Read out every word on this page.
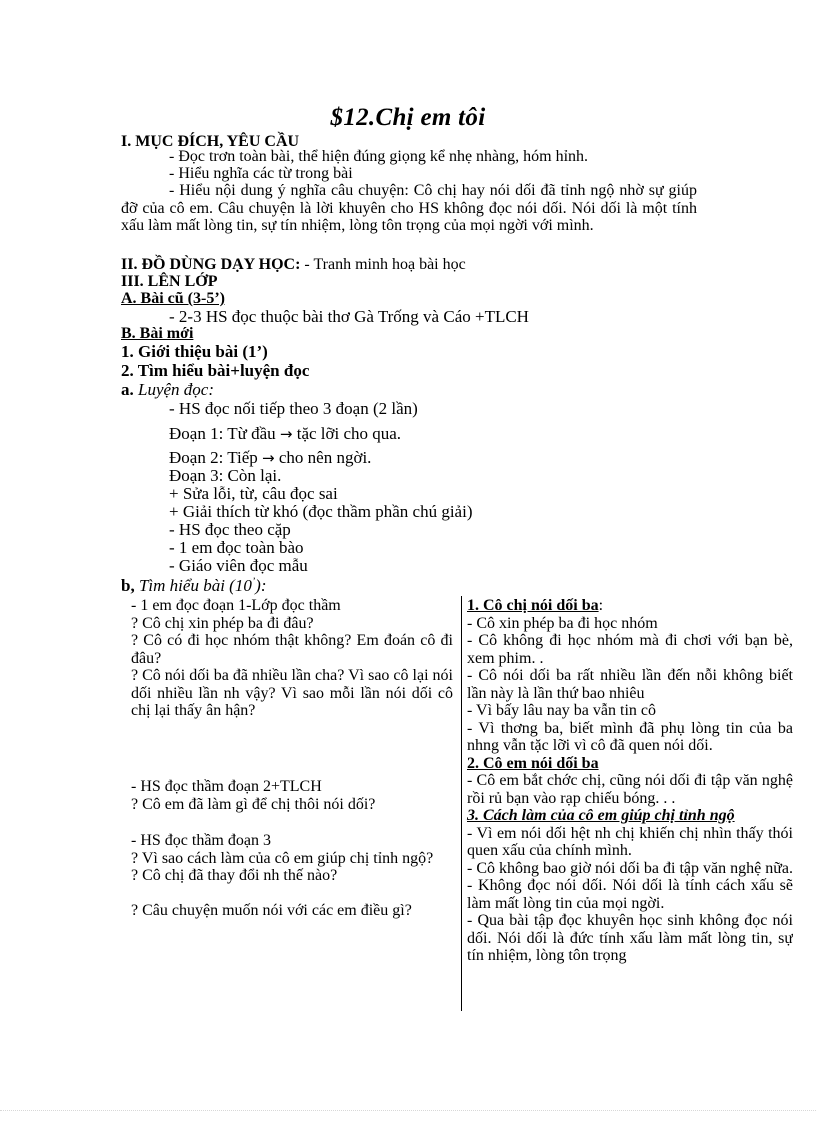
$12.Chị em tôi
I. MỤC ĐÍCH, YÊU CẦU
- Đọc trơn toàn bài, thể hiện đúng giọng kể nhẹ nhàng, hóm hỉnh.
- Hiểu nghĩa các từ trong bài
- Hiểu nội dung ý nghĩa câu chuyện: Cô chị hay nói dối đã tỉnh ngộ nhờ sự giúp đỡ của cô em. Câu chuyện là lời khuyên cho HS không đọc nói dối. Nói dối là một tính xấu làm mất lòng tin, sự tín nhiệm, lòng tôn trọng của mọi ngời với mình.
II. ĐỒ DÙNG DẠY HỌC: - Tranh minh hoạ bài học
III. LÊN LỚP
A. Bài cũ (3-5’)
- 2-3 HS đọc thuộc bài thơ Gà Trống và Cáo +TLCH
B. Bài mới
1. Giới thiệu bài (1’)
2. Tìm hiểu bài+luyện đọc
a. Luyện đọc:
- HS đọc nối tiếp theo 3 đoạn (2 lần)
Đoạn 1: Từ đầu → tặc lỡi cho qua.
Đoạn 2: Tiếp → cho nên ngời.
Đoạn 3: Còn lại.
+ Sửa lỗi, từ, câu đọc sai
+ Giải thích từ khó (đọc thầm phần chú giải)
- HS đọc theo cặp
- 1 em đọc toàn bào
- Giáo viên đọc mẫu
b, Tìm hiểu bài (10’):
- 1 em đọc đoạn 1-Lớp đọc thầm
? Cô chị xin phép ba đi đâu?
? Cô có đi học nhóm thật không? Em đoán cô đi đâu?
? Cô nói dối ba đã nhiều lần cha? Vì sao cô lại nói dối nhiều lần nh vậy? Vì sao mỗi lần nói dối cô chị lại thấy ân hận?
- HS đọc thầm đoạn 2+TLCH
? Cô em đã làm gì để chị thôi nói dối?
- HS đọc thầm đoạn 3
? Vì sao cách làm của cô em giúp chị tỉnh ngộ?
? Cô chị đã thay đổi nh thế nào?
? Câu chuyện muốn nói với các em điều gì?
1. Cô chị nói dối ba:
- Cô xin phép ba đi học nhóm
- Cô không đi học nhóm mà đi chơi với bạn bè, xem phim. .
- Cô nói dối ba rất nhiều lần đến nỗi không biết lần này là lần thứ bao nhiêu
- Vì bấy lâu nay ba vẫn tin cô
- Vì thơng ba, biết mình đã phụ lòng tin của ba nhng vẫn tặc lỡi vì cô đã quen nói dối.
2. Cô em nói dối ba
- Cô em bắt chớc chị, cũng nói dối đi tập văn nghệ rồi rủ bạn vào rạp chiếu bóng. . .
3. Cách làm của cô em giúp chị tỉnh ngộ
- Vì em nói dối hệt nh chị khiến chị nhìn thấy thói quen xấu của chính mình.
- Cô không bao giờ nói dối ba đi tập văn nghệ nữa.
- Không đọc nói dối. Nói dối là tính cách xấu sẽ làm mất lòng tin của mọi ngời.
- Qua bài tập đọc khuyên học sinh không đọc nói dối. Nói dối là đức tính xấu làm mất lòng tin, sự tín nhiệm, lòng tôn trọng
